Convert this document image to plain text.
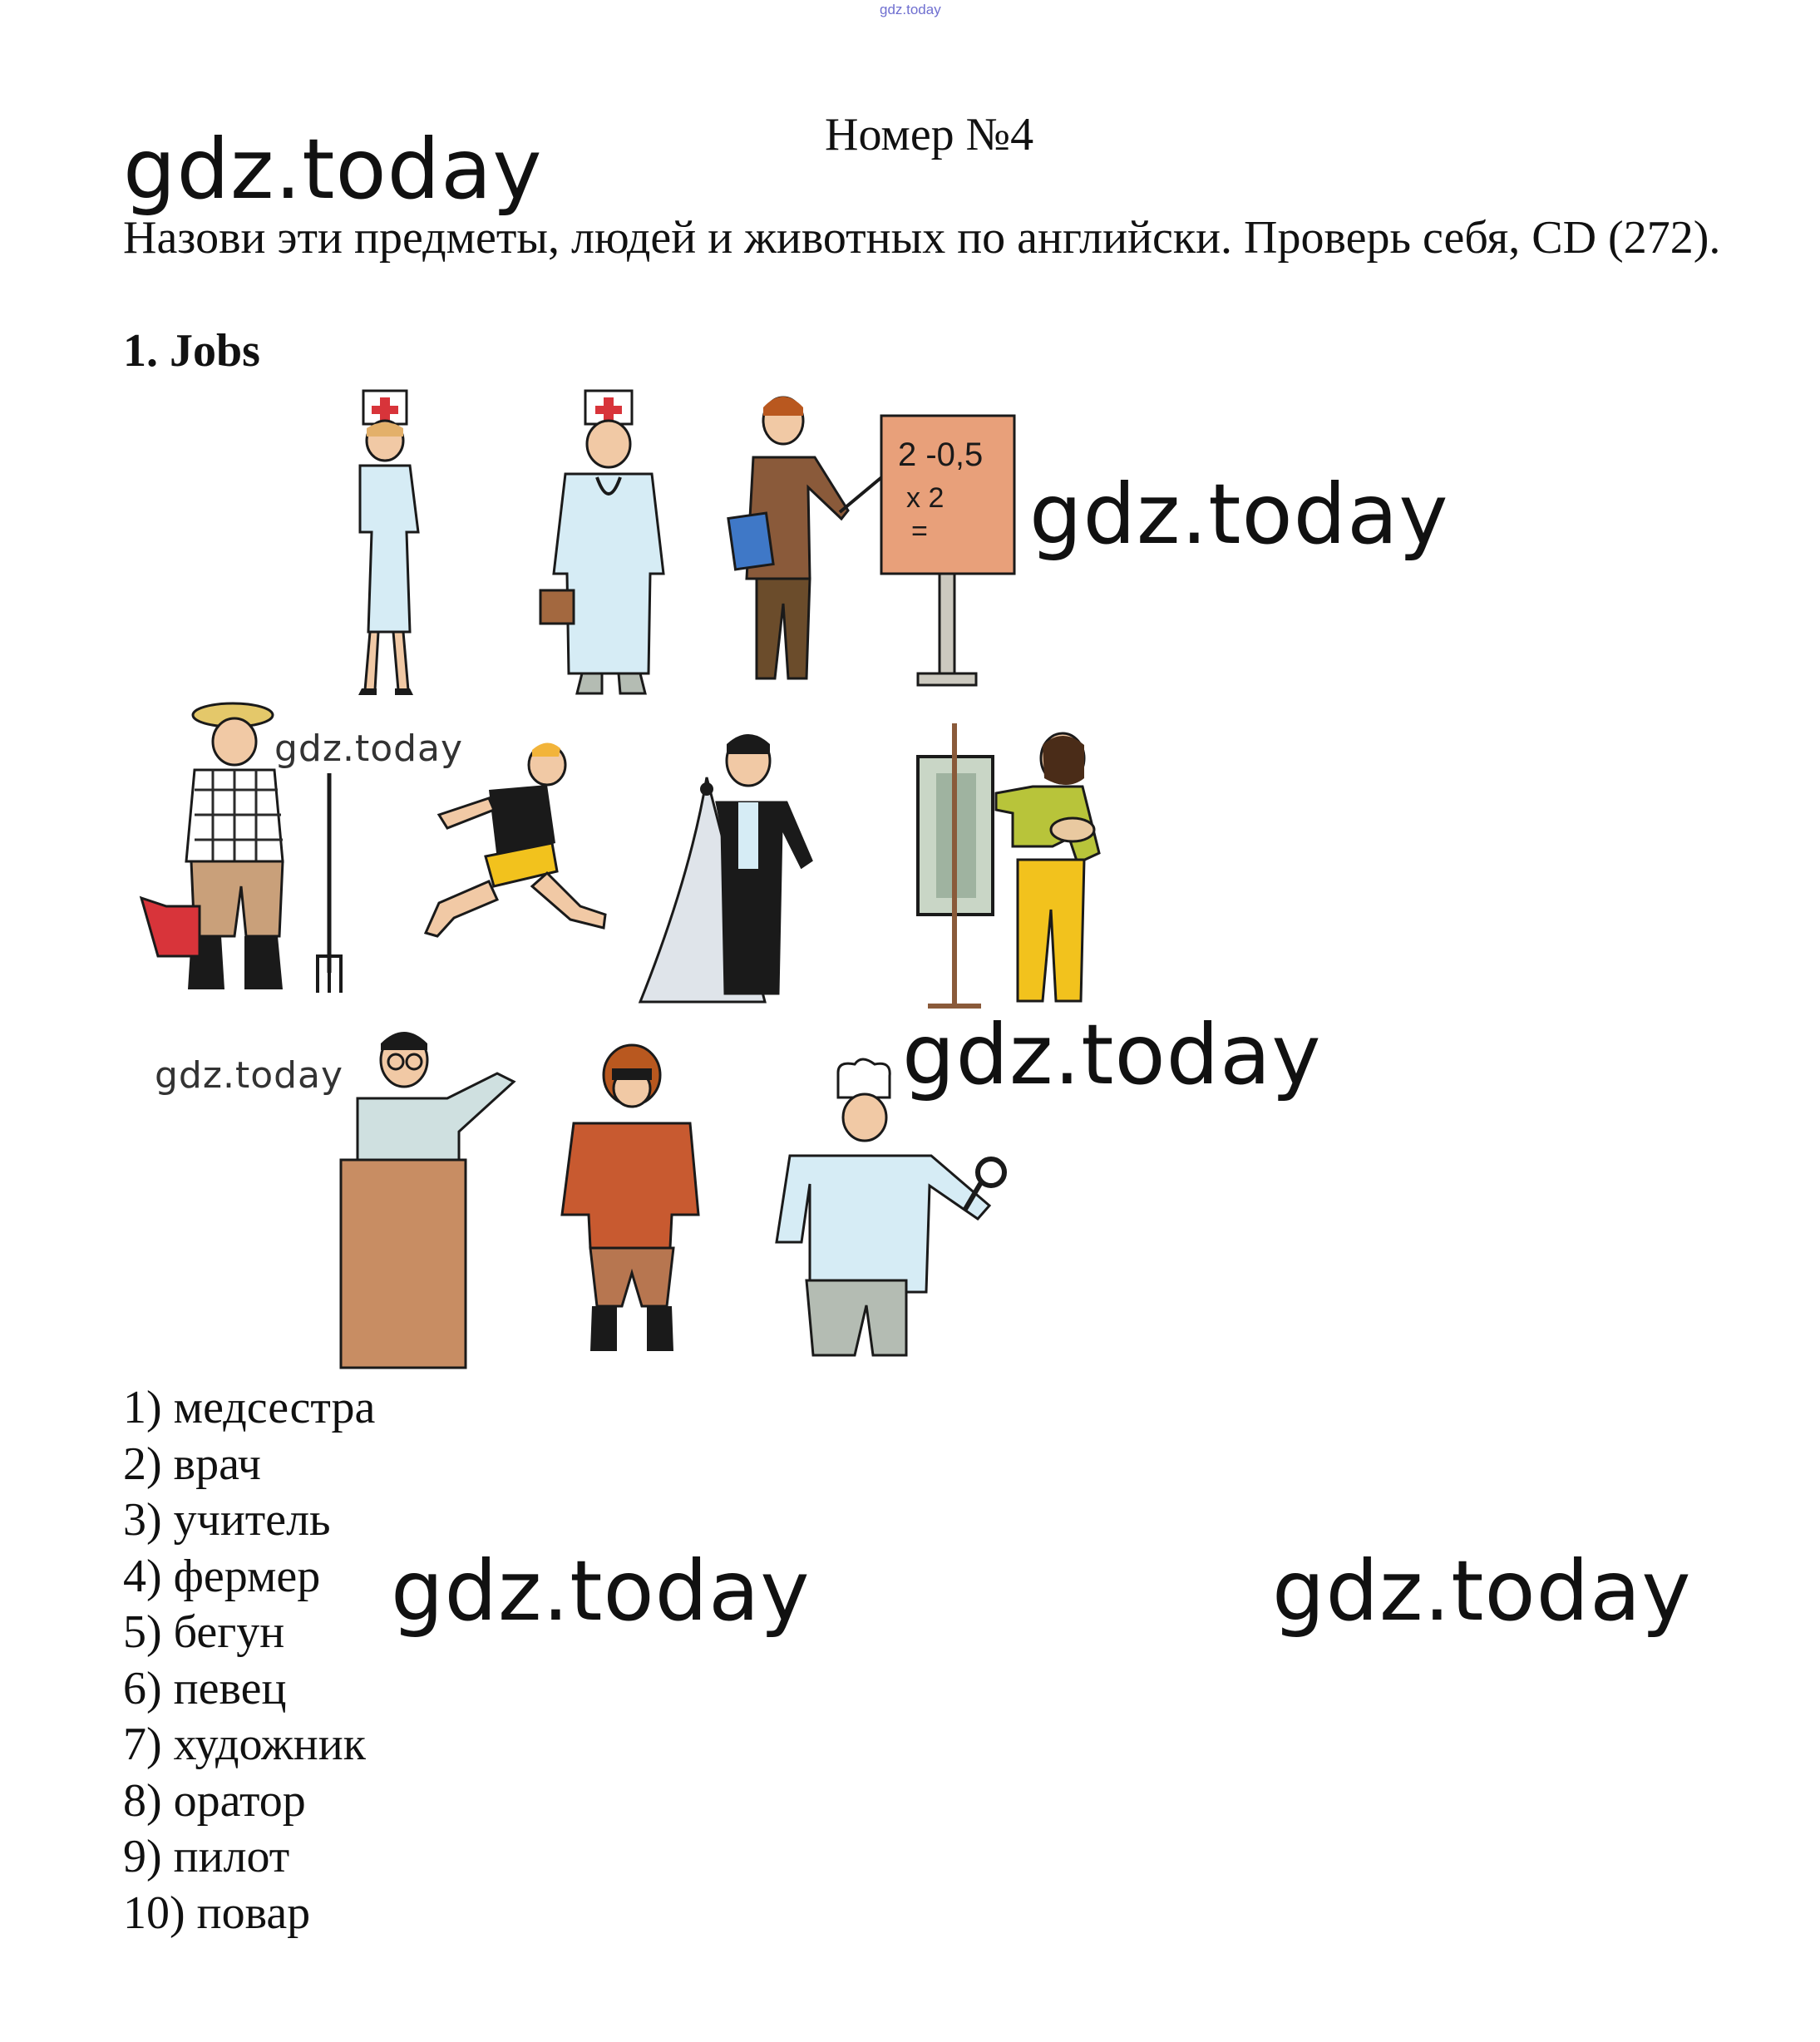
gdz.today
Номер №4
gdz.today
Назови эти предметы, людей и животных по английски. Проверь себя, CD (272).
1. Jobs
2 -0,5
x 2
= gdz.today
gdz.today
gdz.today	gdz.today
1) медсестра
2) врач
3) учитель
4) фермер
5) бегун
6) певец
7) художник
8) оратор
9) пилот
10) повар
gdz.today	gdz.today
